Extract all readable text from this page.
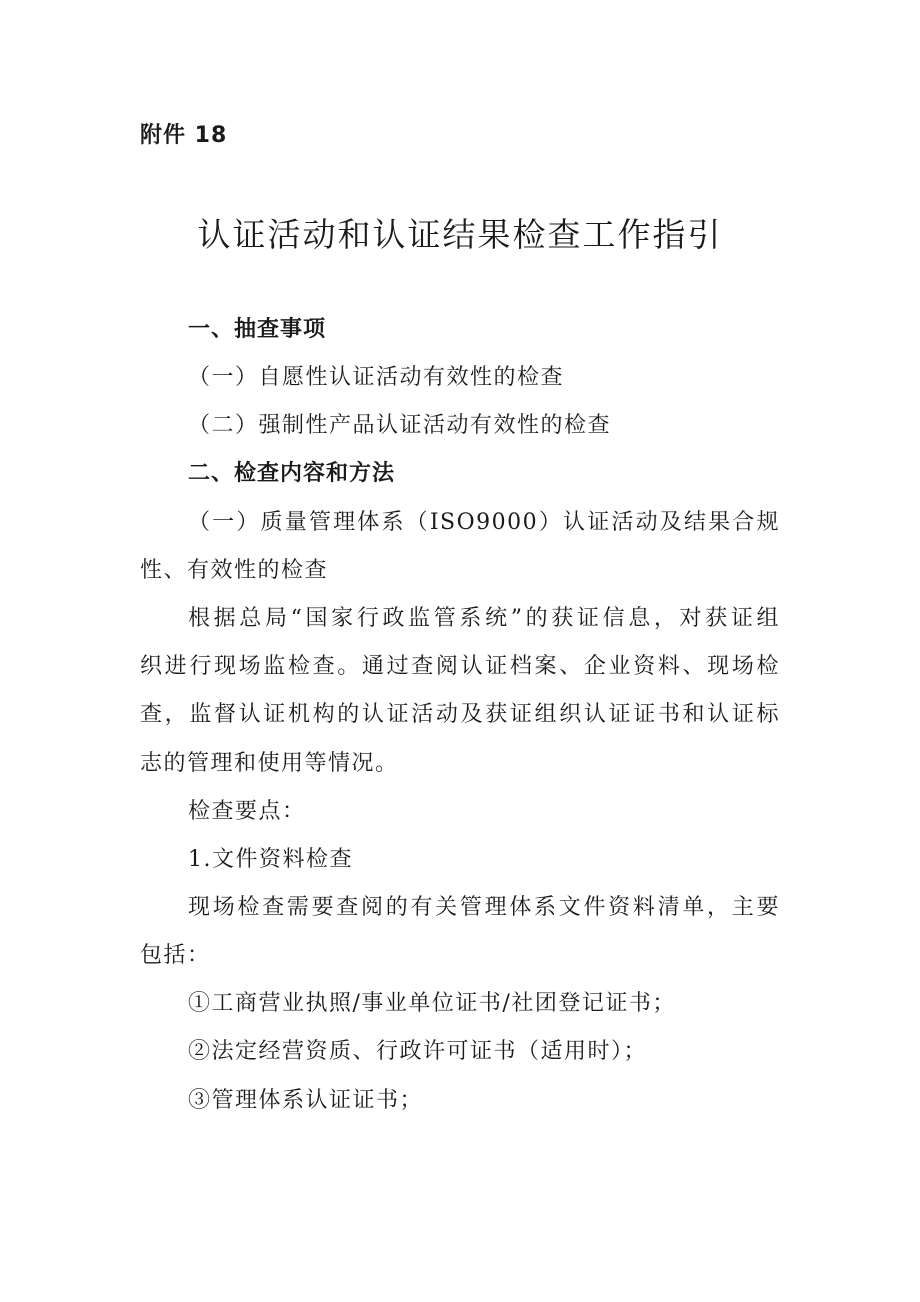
附件 18
认证活动和认证结果检查工作指引
一、抽查事项
（一）自愿性认证活动有效性的检查
（二）强制性产品认证活动有效性的检查
二、检查内容和方法
（一）质量管理体系（ISO9000）认证活动及结果合规
性、有效性的检查
根据总局“国家行政监管系统”的获证信息，对获证组
织进行现场监检查。通过查阅认证档案、企业资料、现场检
查，监督认证机构的认证活动及获证组织认证证书和认证标
志的管理和使用等情况。
检查要点：
1.文件资料检查
现场检查需要查阅的有关管理体系文件资料清单，主要
包括：
①工商营业执照/事业单位证书/社团登记证书；
②法定经营资质、行政许可证书（适用时）；
③管理体系认证证书；
